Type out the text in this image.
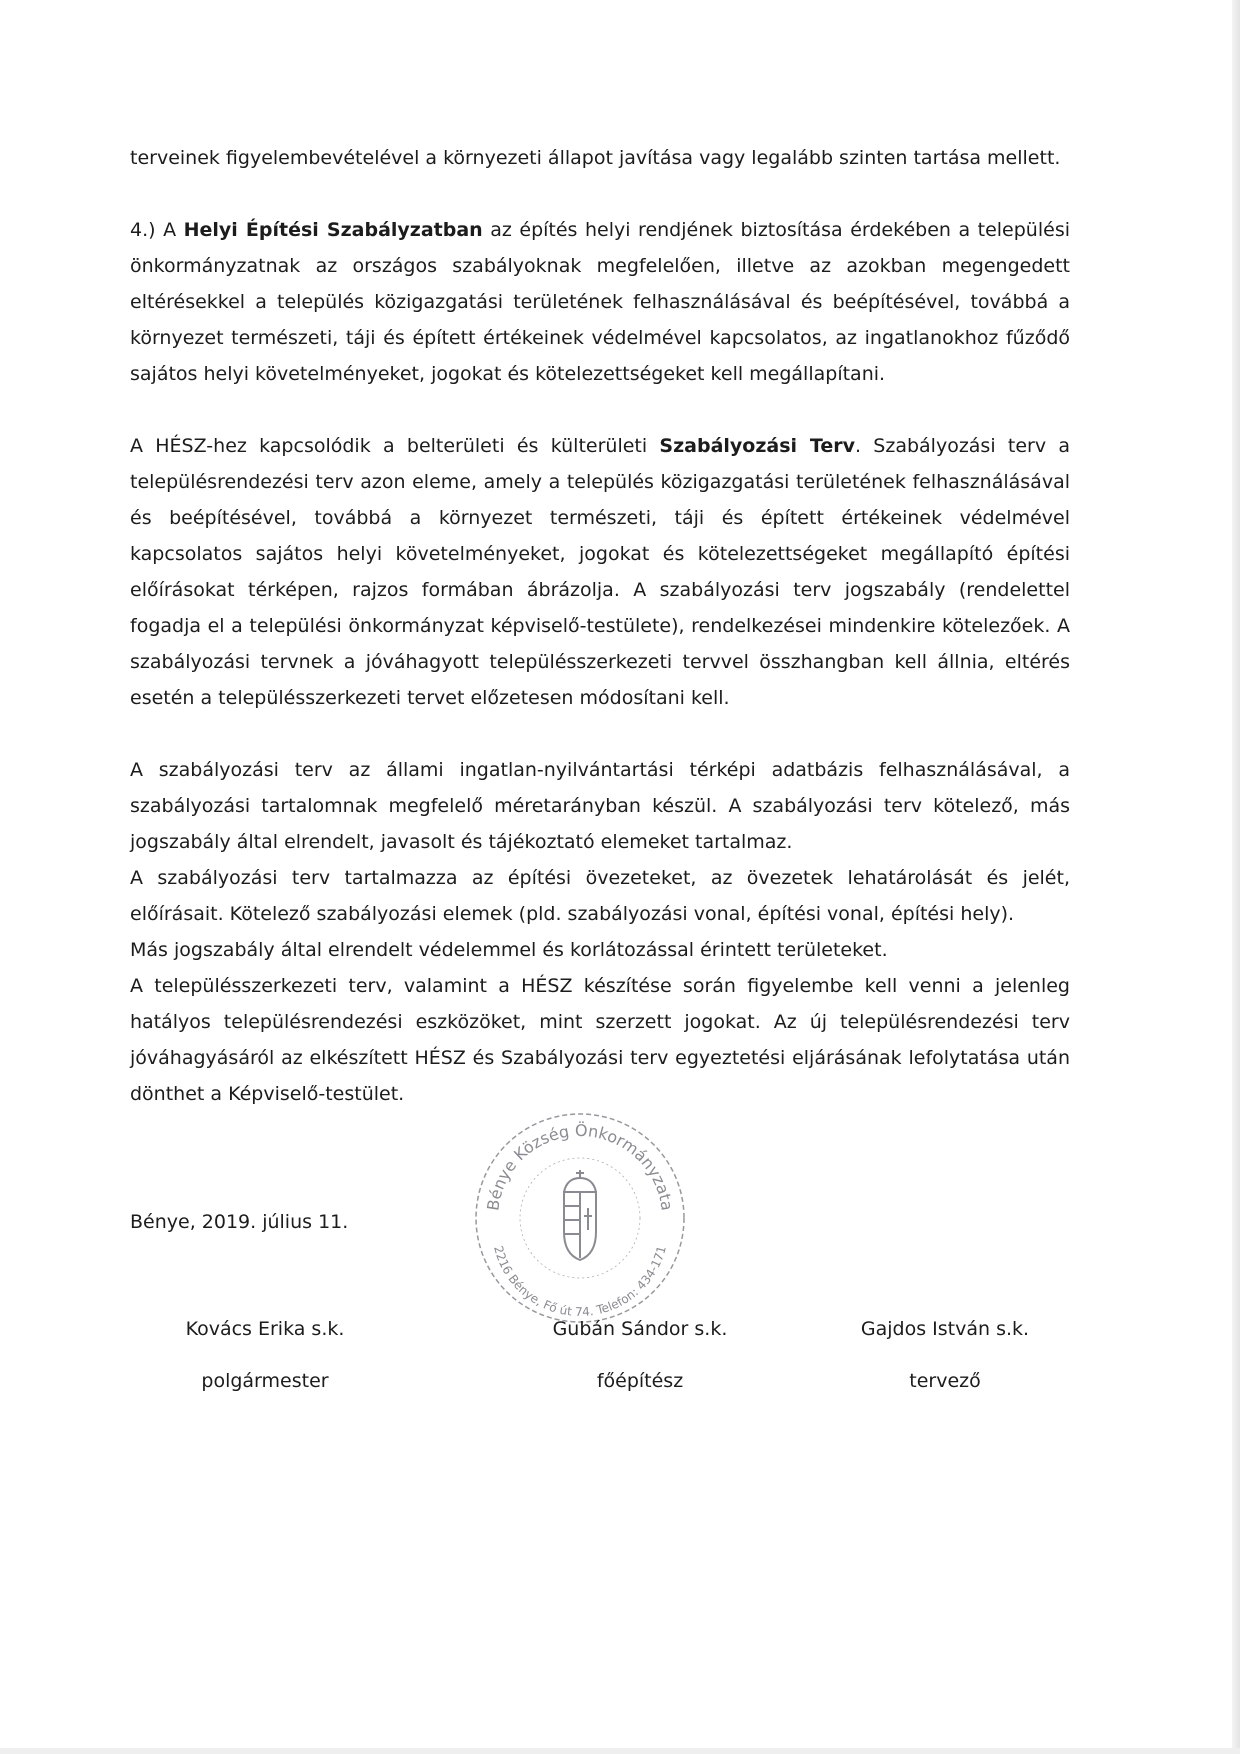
terveinek figyelembevételével a környezeti állapot javítása vagy legalább szinten tartása mellett.

4.) A Helyi Építési Szabályzatban az építés helyi rendjének biztosítása érdekében a települési önkormányzatnak az országos szabályoknak megfelelően, illetve az azokban megengedett eltérésekkel a település közigazgatási területének felhasználásával és beépítésével, továbbá a környezet természeti, táji és épített értékeinek védelmével kapcsolatos, az ingatlanokhoz fűződő sajátos helyi követelményeket, jogokat és kötelezettségeket kell megállapítani.

A HÉSZ-hez kapcsolódik a belterületi és külterületi Szabályozási Terv. Szabályozási terv a településrendezési terv azon eleme, amely a település közigazgatási területének felhasználásával és beépítésével, továbbá a környezet természeti, táji és épített értékeinek védelmével kapcsolatos sajátos helyi követelményeket, jogokat és kötelezettségeket megállapító építési előírásokat térképen, rajzos formában ábrázolja. A szabályozási terv jogszabály (rendelettel fogadja el a települési önkormányzat képviselő-testülete), rendelkezései mindenkire kötelezőek. A szabályozási tervnek a jóváhagyott településszerkezeti tervvel összhangban kell állnia, eltérés esetén a településszerkezeti tervet előzetesen módosítani kell.

A szabályozási terv az állami ingatlan-nyilvántartási térképi adatbázis felhasználásával, a szabályozási tartalomnak megfelelő méretarányban készül. A szabályozási terv kötelező, más jogszabály által elrendelt, javasolt és tájékoztató elemeket tartalmaz.

A szabályozási terv tartalmazza az építési övezeteket, az övezetek lehatárolását és jelét, előírásait. Kötelező szabályozási elemek (pld. szabályozási vonal, építési vonal, építési hely).

Más jogszabály által elrendelt védelemmel és korlátozással érintett területeket.

A településszerkezeti terv, valamint a HÉSZ készítése során figyelembe kell venni a jelenleg hatályos településrendezési eszközöket, mint szerzett jogokat. Az új településrendezési terv jóváhagyásáról az elkészített HÉSZ és Szabályozási terv egyeztetési eljárásának lefolytatása után dönthet a Képviselő-testület.

Bénye, 2019. július 11.
Bénye Község Önkormányzata
2216 Bénye, Fő út 74. Telefon: 434-171
Kovács Erika s.k.
polgármester
Gubán Sándor s.k.
főépítész
Gajdos István s.k.
tervező
